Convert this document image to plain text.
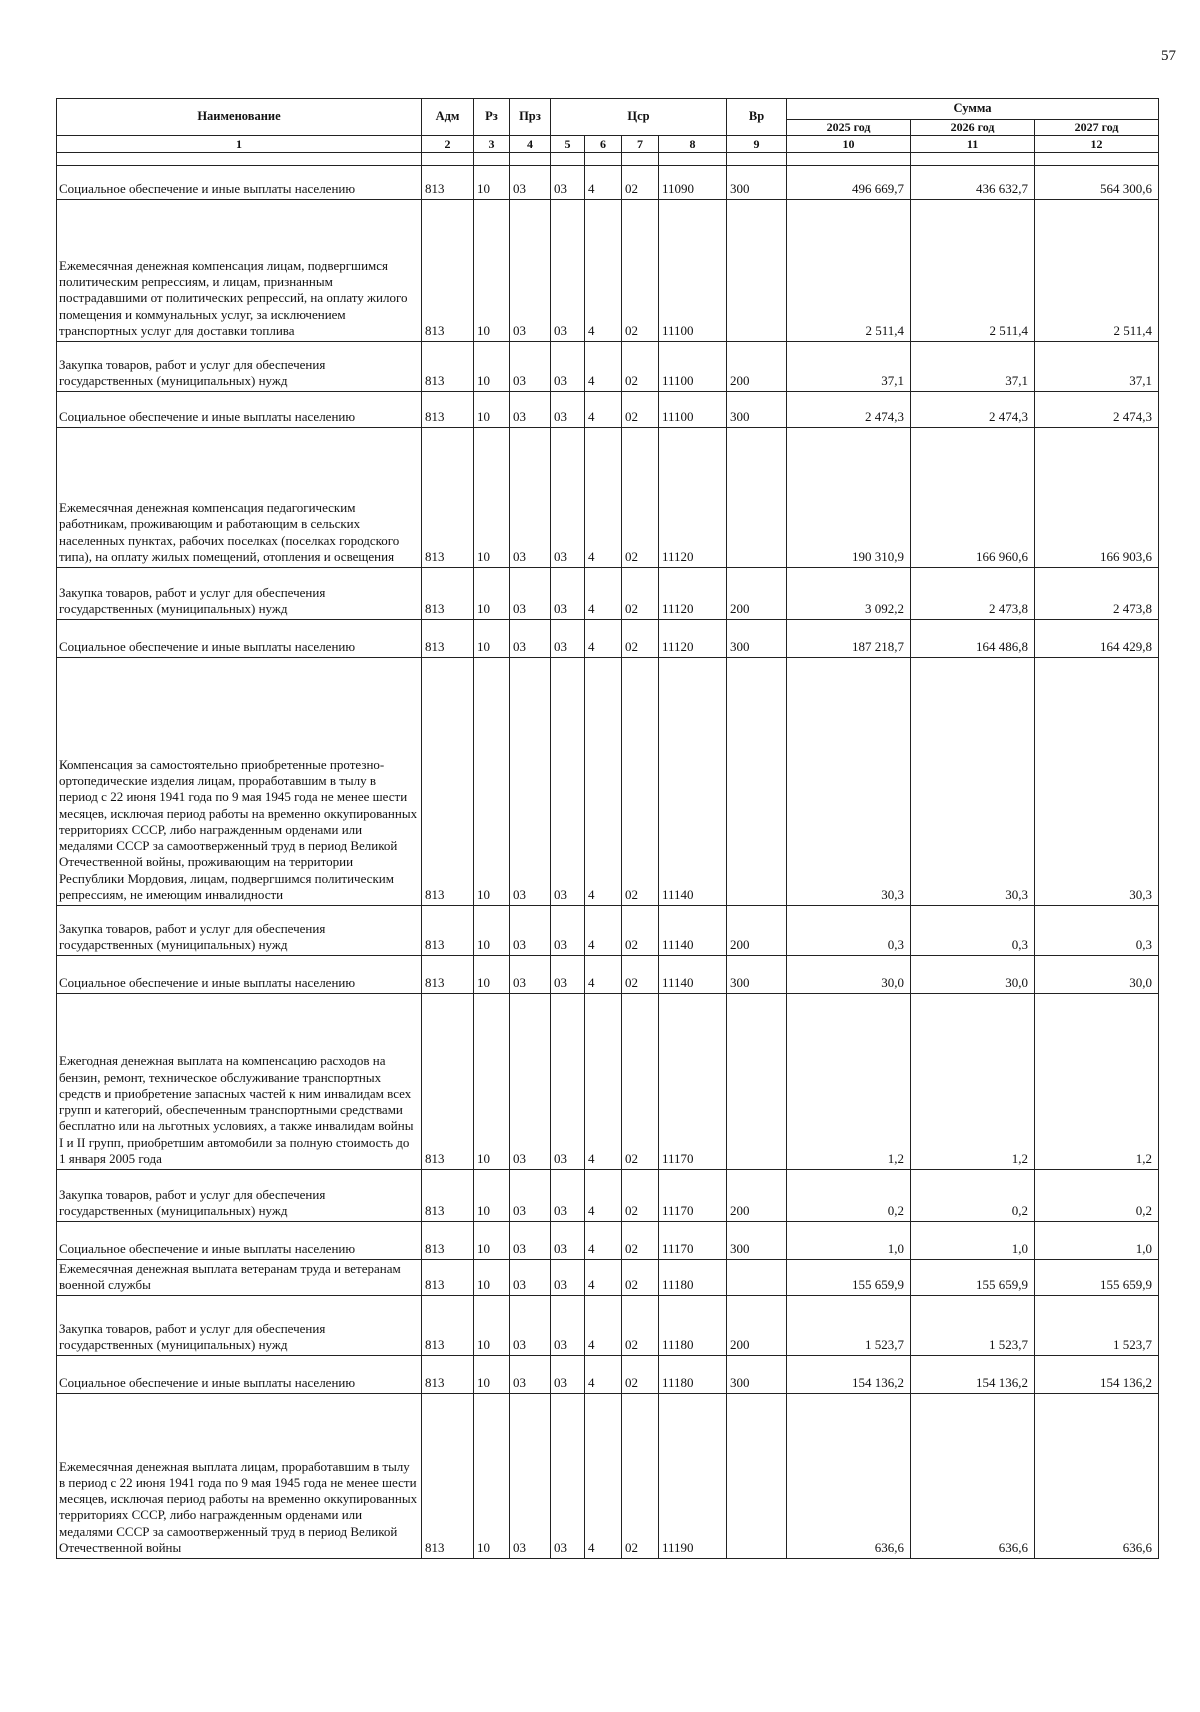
57
Наименование	Адм	Рз	Прз	Цср				Вр	Сумма		
									2025 год	2026 год	2027 год
1	2	3	4	5	6	7	8	9	10	11	12

Социальное обеспечение и иные выплаты населению	813	10	03	03	4	02	11090	300	496 669,7	436 632,7	564 300,6
Ежемесячная денежная компенсация лицам, подвергшимся политическим репрессиям, и лицам, признанным пострадавшими от политических репрессий, на оплату жилого помещения и коммунальных услуг, за исключением транспортных услуг для доставки топлива	813	10	03	03	4	02	11100		2 511,4	2 511,4	2 511,4
Закупка товаров, работ и услуг для обеспечения государственных (муниципальных) нужд	813	10	03	03	4	02	11100	200	37,1	37,1	37,1
Социальное обеспечение и иные выплаты населению	813	10	03	03	4	02	11100	300	2 474,3	2 474,3	2 474,3
Ежемесячная денежная компенсация педагогическим работникам, проживающим и работающим в сельских населенных пунктах, рабочих поселках (поселках городского типа), на оплату жилых помещений, отопления и освещения	813	10	03	03	4	02	11120		190 310,9	166 960,6	166 903,6
Закупка товаров, работ и услуг для обеспечения государственных (муниципальных) нужд	813	10	03	03	4	02	11120	200	3 092,2	2 473,8	2 473,8
Социальное обеспечение и иные выплаты населению	813	10	03	03	4	02	11120	300	187 218,7	164 486,8	164 429,8
Компенсация за самостоятельно приобретенные протезно-ортопедические изделия лицам, проработавшим в тылу в период с 22 июня 1941 года по 9 мая 1945 года не менее шести месяцев, исключая период работы на временно оккупированных территориях СССР, либо награжденным орденами или медалями СССР за самоотверженный труд в период Великой Отечественной войны, проживающим на территории Республики Мордовия, лицам, подвергшимся политическим репрессиям, не имеющим инвалидности	813	10	03	03	4	02	11140		30,3	30,3	30,3
Закупка товаров, работ и услуг для обеспечения государственных (муниципальных) нужд	813	10	03	03	4	02	11140	200	0,3	0,3	0,3
Социальное обеспечение и иные выплаты населению	813	10	03	03	4	02	11140	300	30,0	30,0	30,0
Ежегодная денежная выплата на компенсацию расходов на бензин, ремонт, техническое обслуживание транспортных средств и приобретение запасных частей к ним инвалидам всех групп и категорий, обеспеченным транспортными средствами бесплатно или на льготных условиях, а также инвалидам войны I и II групп, приобретшим автомобили за полную стоимость до 1 января 2005 года	813	10	03	03	4	02	11170		1,2	1,2	1,2
Закупка товаров, работ и услуг для обеспечения государственных (муниципальных) нужд	813	10	03	03	4	02	11170	200	0,2	0,2	0,2
Социальное обеспечение и иные выплаты населению	813	10	03	03	4	02	11170	300	1,0	1,0	1,0
Ежемесячная денежная выплата ветеранам труда и ветеранам военной службы	813	10	03	03	4	02	11180		155 659,9	155 659,9	155 659,9
Закупка товаров, работ и услуг для обеспечения государственных (муниципальных) нужд	813	10	03	03	4	02	11180	200	1 523,7	1 523,7	1 523,7
Социальное обеспечение и иные выплаты населению	813	10	03	03	4	02	11180	300	154 136,2	154 136,2	154 136,2
Ежемесячная денежная выплата лицам, проработавшим в тылу в период с 22 июня 1941 года по 9 мая 1945 года не менее шести месяцев, исключая период работы на временно оккупированных территориях СССР, либо награжденным орденами или медалями СССР за самоотверженный труд в период Великой Отечественной войны	813	10	03	03	4	02	11190		636,6	636,6	636,6
